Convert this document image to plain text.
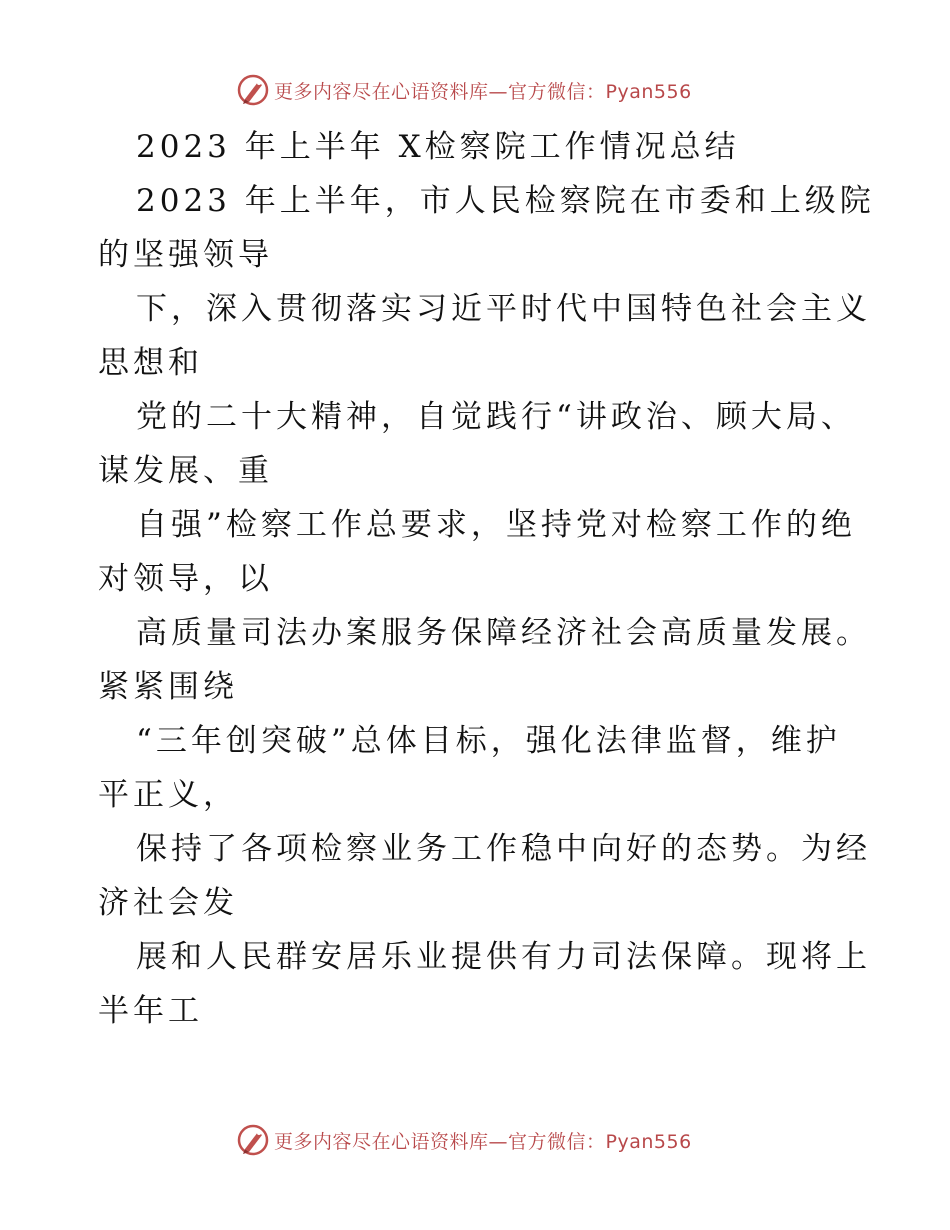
更多内容尽在心语资料库—官方微信：Pyan556
2023 年上半年 X检察院工作情况总结
2023 年上半年，市人民检察院在市委和上级院
的坚强领导
下，深入贯彻落实习近平时代中国特色社会主义
思想和
党的二十大精神，自觉践行“讲政治、顾大局、
谋发展、重
自强”检察工作总要求，坚持党对检察工作的绝
对领导，以
高质量司法办案服务保障经济社会高质量发展。
紧紧围绕
“三年创突破”总体目标，强化法律监督，维护
平正义，
保持了各项检察业务工作稳中向好的态势。为经
济社会发
展和人民群安居乐业提供有力司法保障。现将上
半年工
更多内容尽在心语资料库—官方微信：Pyan556
